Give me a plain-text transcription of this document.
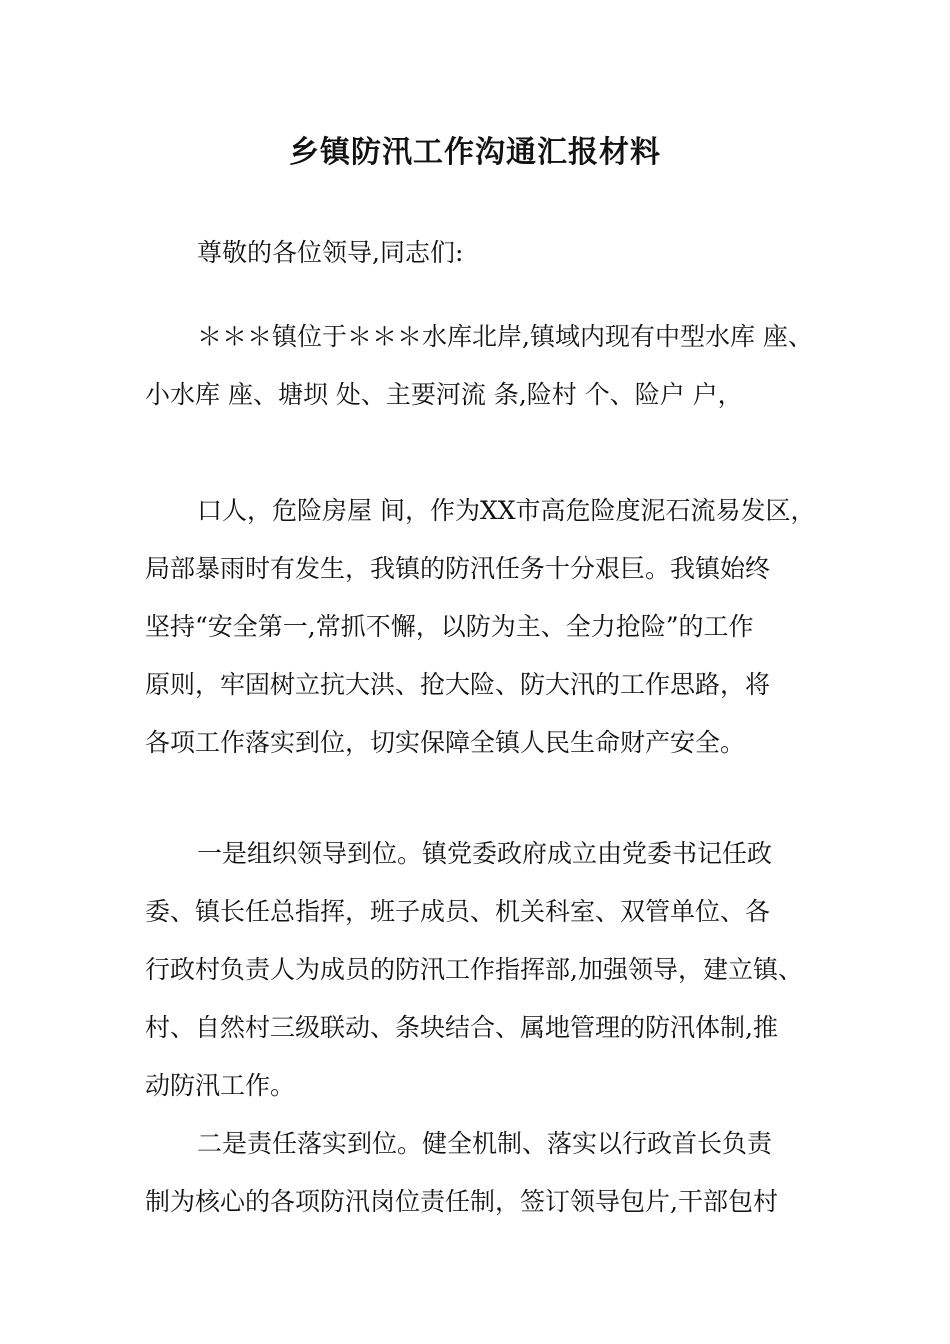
乡镇防汛工作沟通汇报材料

尊敬的各位领导,同志们:

＊＊＊镇位于＊＊＊水库北岸,镇域内现有中型水库 座、
小水库 座、塘坝 处、主要河流 条,险村 个、险户 户，

口人，危险房屋 间，作为XX市高危险度泥石流易发区，
局部暴雨时有发生，我镇的防汛任务十分艰巨。我镇始终
坚持“安全第一,常抓不懈，以防为主、全力抢险”的工作
原则，牢固树立抗大洪、抢大险、防大汛的工作思路，将
各项工作落实到位，切实保障全镇人民生命财产安全。

一是组织领导到位。镇党委政府成立由党委书记任政
委、镇长任总指挥，班子成员、机关科室、双管单位、各
行政村负责人为成员的防汛工作指挥部,加强领导，建立镇、
村、自然村三级联动、条块结合、属地管理的防汛体制,推
动防汛工作。
二是责任落实到位。健全机制、落实以行政首长负责
制为核心的各项防汛岗位责任制，签订领导包片,干部包村
